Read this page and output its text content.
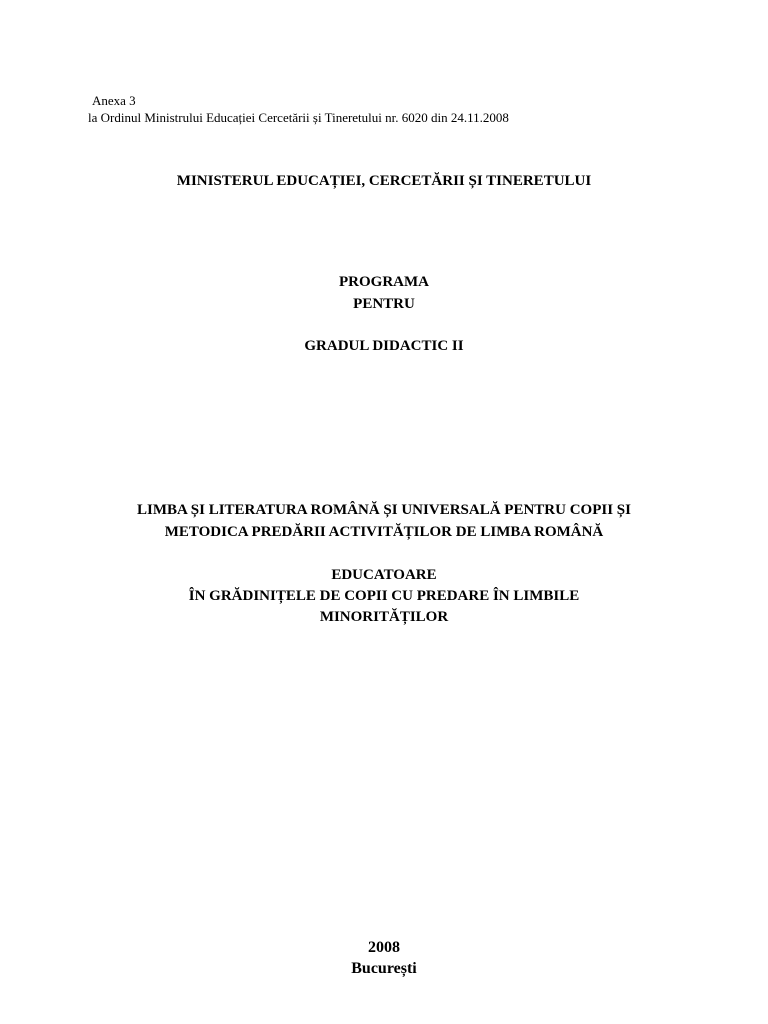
Anexa 3
la Ordinul Ministrului Educației Cercetării și Tineretului nr. 6020 din 24.11.2008
MINISTERUL EDUCAȚIEI, CERCETĂRII ȘI TINERETULUI
PROGRAMA
PENTRU
GRADUL DIDACTIC II
LIMBA ȘI LITERATURA ROMÂNĂ ȘI UNIVERSALĂ PENTRU COPII ȘI
METODICA PREDĂRII ACTIVITĂȚILOR DE LIMBA ROMÂNĂ
EDUCATOARE
ÎN GRĂDINIȚELE DE COPII CU PREDARE ÎN LIMBILE
MINORITĂȚILOR
2008
București
